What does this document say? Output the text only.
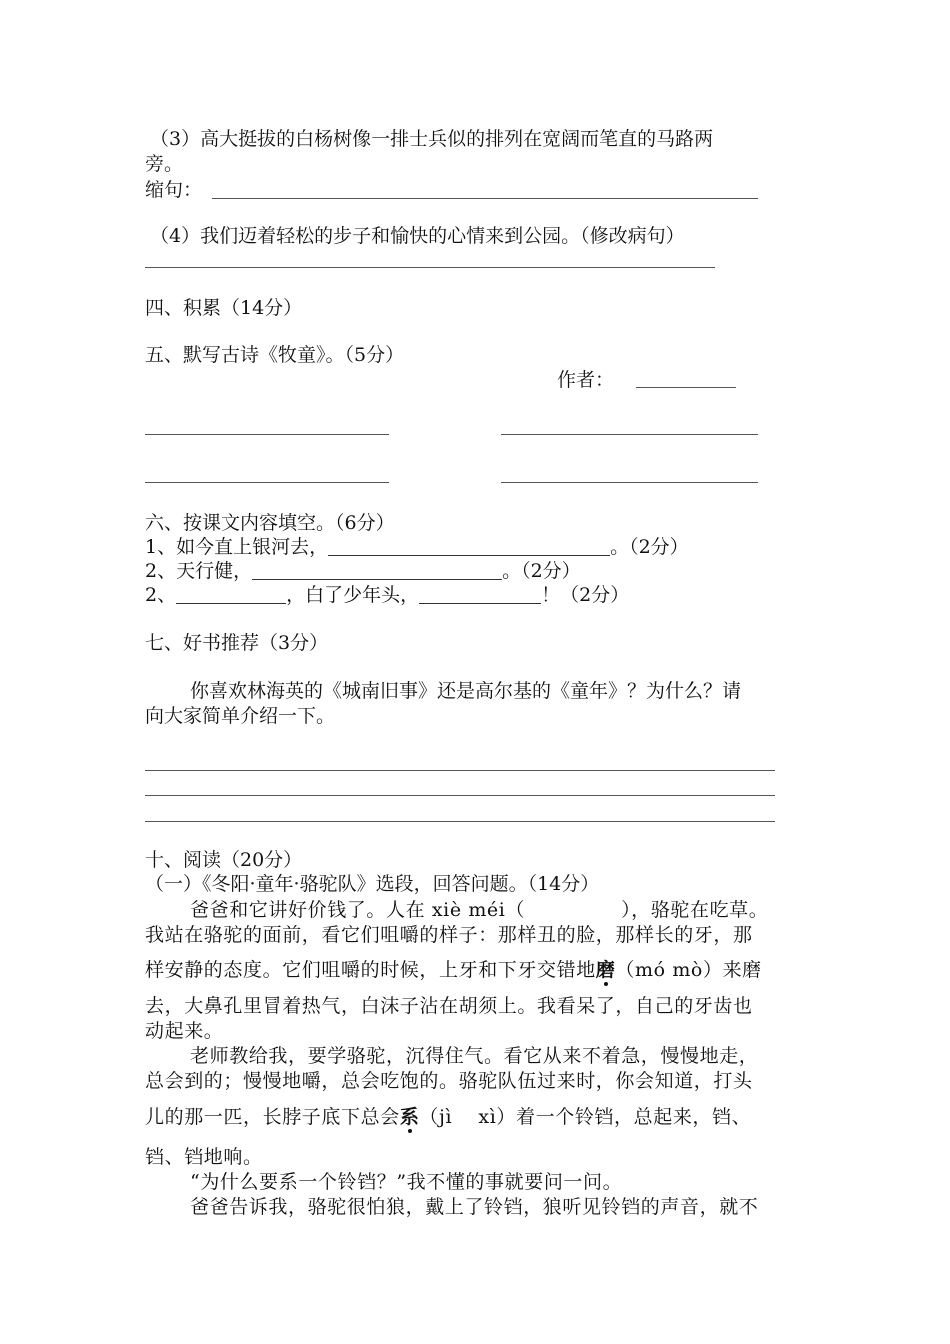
（3）高大挺拔的白杨树像一排士兵似的排列在宽阔而笔直的马路两
旁。
缩句：
（4）我们迈着轻松的步子和愉快的心情来到公园。（修改病句）
四、积累（14分）
五、默写古诗《牧童》。（5分）
作者：
六、按课文内容填空。（6分）
1、如今直上银河去，	。（2分）
2、天行健，	。（2分）
2、	，白了少年头，	！（2分）
七、好书推荐（3分）
你喜欢林海英的《城南旧事》还是高尔基的《童年》？为什么？请
向大家简单介绍一下。
十、阅读（20分）
（一）《冬阳·童年·骆驼队》选段，回答问题。（14分）
爸爸和它讲好价钱了。人在 xiè méi（	），骆驼在吃草。
我站在骆驼的面前，看它们咀嚼的样子：那样丑的脸，那样长的牙，那
样安静的态度。它们咀嚼的时候，上牙和下牙交错地磨（mó mò）来磨
去，大鼻孔里冒着热气，白沫子沾在胡须上。我看呆了，自己的牙齿也
动起来。
老师教给我，要学骆驼，沉得住气。看它从来不着急，慢慢地走，
总会到的；慢慢地嚼，总会吃饱的。骆驼队伍过来时，你会知道，打头
儿的那一匹，长脖子底下总会系（jì　 xì）着一个铃铛，总起来，铛、
铛、铛地响。
“为什么要系一个铃铛？”我不懂的事就要问一问。
爸爸告诉我，骆驼很怕狼，戴上了铃铛，狼听见铃铛的声音，就不
